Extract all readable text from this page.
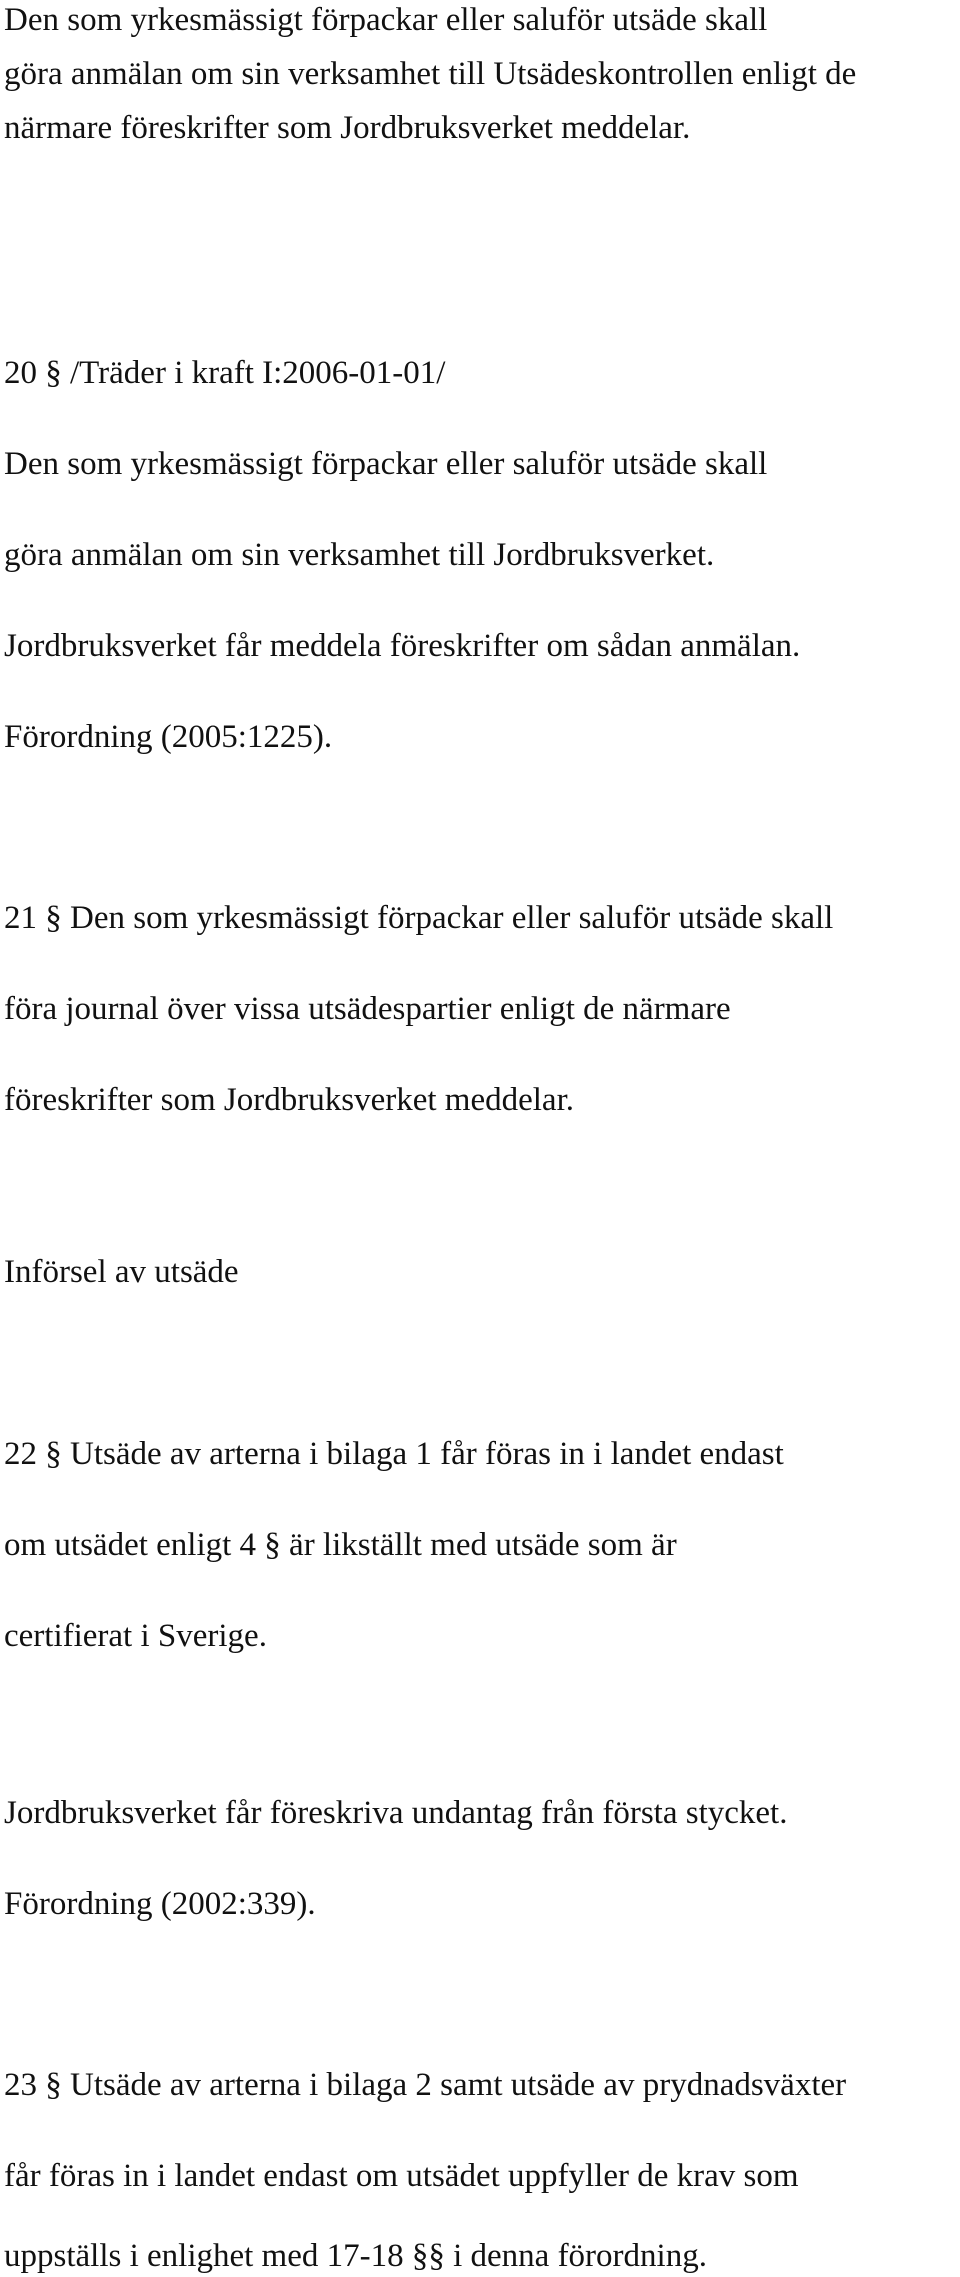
Den som yrkesmässigt förpackar eller saluför utsäde skall
göra anmälan om sin verksamhet till Utsädeskontrollen enligt de
närmare föreskrifter som Jordbruksverket meddelar.
20 § /Träder i kraft I:2006-01-01/
Den som yrkesmässigt förpackar eller saluför utsäde skall
göra anmälan om sin verksamhet till Jordbruksverket.
Jordbruksverket får meddela föreskrifter om sådan anmälan.
Förordning (2005:1225).
21 § Den som yrkesmässigt förpackar eller saluför utsäde skall
föra journal över vissa utsädespartier enligt de närmare
föreskrifter som Jordbruksverket meddelar.
Införsel av utsäde
22 § Utsäde av arterna i bilaga 1 får föras in i landet endast
om utsädet enligt 4 § är likställt med utsäde som är
certifierat i Sverige.
Jordbruksverket får föreskriva undantag från första stycket.
Förordning (2002:339).
23 § Utsäde av arterna i bilaga 2 samt utsäde av prydnadsväxter
får föras in i landet endast om utsädet uppfyller de krav som
uppställs i enlighet med 17-18 §§ i denna förordning.
